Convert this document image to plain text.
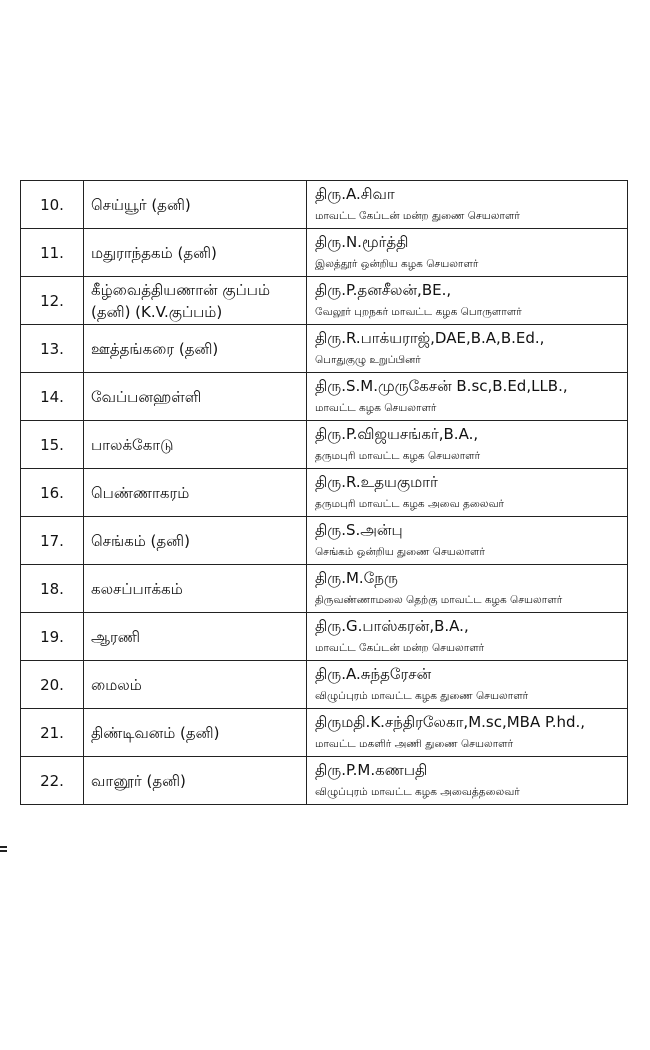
10.	செய்யூர் (தனி)	திரு.A.சிவா
மாவட்ட கேப்டன் மன்ற துணை செயலாளர்

11.	மதுராந்தகம் (தனி)	திரு.N.மூர்த்தி
இலத்தூர் ஒன்றிய கழக செயலாளர்

12.	கீழ்வைத்தியணான் குப்பம் (தனி) (K.V.குப்பம்)	திரு.P.தனசீலன்,BE.,
வேலூர் புறநகர் மாவட்ட கழக பொருளாளர்

13.	ஊத்தங்கரை (தனி)	திரு.R.பாக்யராஜ்,DAE,B.A,B.Ed.,
பொதுகுழு உறுப்பினர்

14.	வேப்பனஹள்ளி	திரு.S.M.முருகேசன் B.sc,B.Ed,LLB.,
மாவட்ட கழக செயலாளர்

15.	பாலக்கோடு	திரு.P.விஜயசங்கர்,B.A.,
தருமபுரி மாவட்ட கழக செயலாளர்

16.	பெண்ணாகரம்	திரு.R.உதயகுமார்
தருமபுரி மாவட்ட கழக அவை தலைவர்

17.	செங்கம் (தனி)	திரு.S.அன்பு
செங்கம் ஒன்றிய துணை செயலாளர்

18.	கலசப்பாக்கம்	திரு.M.நேரு
திருவண்ணாமலை தெற்கு மாவட்ட கழக செயலாளர்

19.	ஆரணி	திரு.G.பாஸ்கரன்,B.A.,
மாவட்ட கேப்டன் மன்ற செயலாளர்

20.	மைலம்	திரு.A.சுந்தரேசன்
விழுப்புரம் மாவட்ட கழக துணை செயலாளர்

21.	திண்டிவனம் (தனி)	திருமதி.K.சந்திரலேகா,M.sc,MBA P.hd.,
மாவட்ட மகளிர் அணி துணை செயலாளர்

22.	வானூர் (தனி)	திரு.P.M.கணபதி
விழுப்புரம் மாவட்ட கழக அவைத்தலைவர்
